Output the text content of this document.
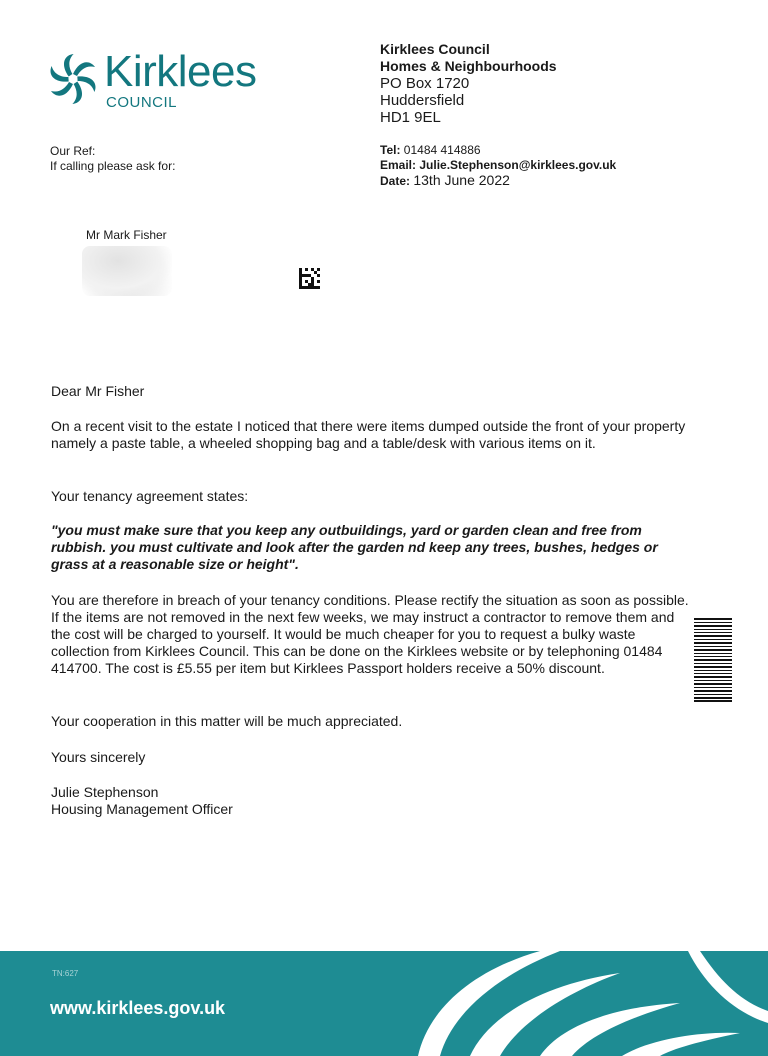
Kirklees
COUNCIL
Kirklees Council
Homes & Neighbourhoods
PO Box 1720
Huddersfield
HD1 9EL
Our Ref:
If calling please ask for:
Tel: 01484 414886
Email: Julie.Stephenson@kirklees.gov.uk
Date: 13th June 2022
Mr Mark Fisher
Dear Mr Fisher
On a recent visit to the estate I noticed that there were items dumped outside the front of your property namely a paste table, a wheeled shopping bag and a table/desk with various items on it.
Your tenancy agreement states:
"you must make sure that you keep any outbuildings, yard or garden clean and free from rubbish. you must cultivate and look after the garden nd keep any trees, bushes, hedges or grass at a reasonable size or height".
You are therefore in breach of your tenancy conditions. Please rectify the situation as soon as possible. If the items are not removed in the next few weeks, we may instruct a contractor to remove them and the cost will be charged to yourself. It would be much cheaper for you to request a bulky waste collection from Kirklees Council. This can be done on the Kirklees website or by telephoning 01484 414700. The cost is £5.55 per item but Kirklees Passport holders receive a 50% discount.
Your cooperation in this matter will be much appreciated.
Yours sincerely
Julie Stephenson
Housing Management Officer
TN:627
www.kirklees.gov.uk
